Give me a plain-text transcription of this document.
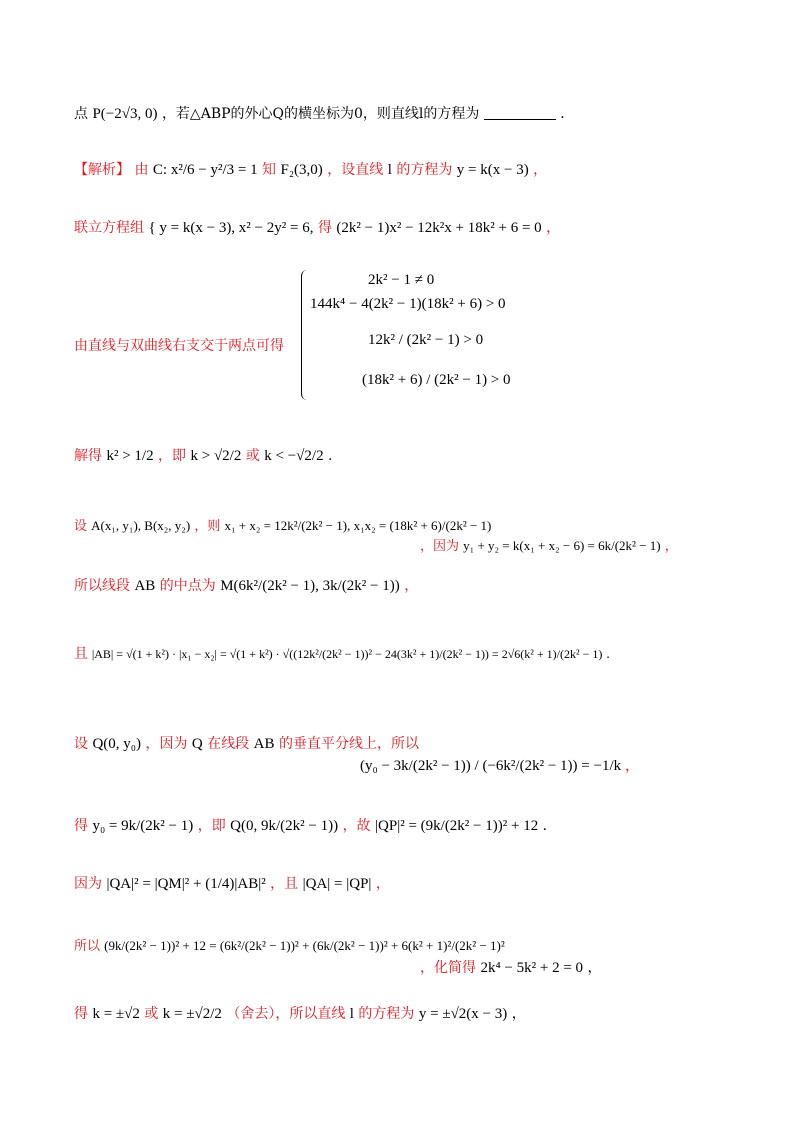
点 P(−2√3, 0) ，若△ABP的外心Q的横坐标为0，则直线l的方程为	.
【解析】 由 C: x²/6 − y²/3 = 1 知 F₂(3,0) ，设直线 l 的方程为 y = k(x − 3) ，
联立方程组 { y = k(x − 3), x² − 2y² = 6, 得 (2k² − 1)x² − 12k²x + 18k² + 6 = 0 ，
由直线与双曲线右支交于两点可得
2k² − 1 ≠ 0
144k⁴ − 4(2k² − 1)(18k² + 6) > 0
12k² / (2k² − 1) > 0
(18k² + 6) / (2k² − 1) > 0
解得 k² > 1/2 ，即 k > √2/2 或 k < −√2/2 .
设 A(x₁, y₁), B(x₂, y₂) ，则 x₁ + x₂ = 12k²/(2k² − 1), x₁x₂ = (18k² + 6)/(2k² − 1)
，因为 y₁ + y₂ = k(x₁ + x₂ − 6) = 6k/(2k² − 1) ，
所以线段 AB 的中点为 M(6k²/(2k² − 1), 3k/(2k² − 1)) ，
且 |AB| = √(1 + k²) · |x₁ − x₂| = √(1 + k²) · √((12k²/(2k² − 1))² − 24(3k² + 1)/(2k² − 1)) = 2√6(k² + 1)/(2k² − 1) .
设 Q(0, y₀) ，因为 Q 在线段 AB 的垂直平分线上，所以
(y₀ − 3k/(2k² − 1)) / (−6k²/(2k² − 1)) = −1/k ，
得 y₀ = 9k/(2k² − 1) ，即 Q(0, 9k/(2k² − 1)) ，故 |QP|² = (9k/(2k² − 1))² + 12 .
因为 |QA|² = |QM|² + (1/4)|AB|² ，且 |QA| = |QP| ，
所以 (9k/(2k² − 1))² + 12 = (6k²/(2k² − 1))² + (6k/(2k² − 1))² + 6(k² + 1)²/(2k² − 1)²
，化简得 2k⁴ − 5k² + 2 = 0 ，
得 k = ±√2 或 k = ±√2/2 （舍去），所以直线 l 的方程为 y = ±√2(x − 3) ，
